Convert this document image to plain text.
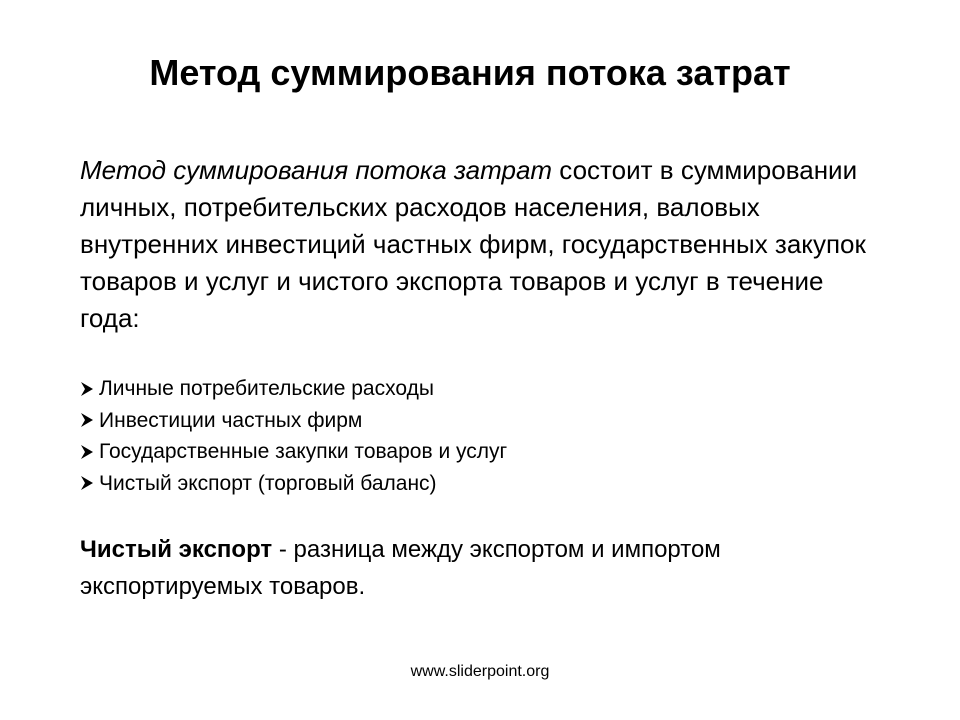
Метод суммирования потока затрат

Метод суммирования потока затрат состоит в суммировании личных, потребительских расходов населения, валовых внутренних инвестиций частных фирм, государственных закупок товаров и услуг и чистого экспорта товаров и услуг в течение года:

Личные потребительские расходы
Инвестиции частных фирм
Государственные закупки товаров и услуг
Чистый экспорт (торговый баланс)

Чистый экспорт - разница между экспортом и импортом экспортируемых товаров.

www.sliderpoint.org
